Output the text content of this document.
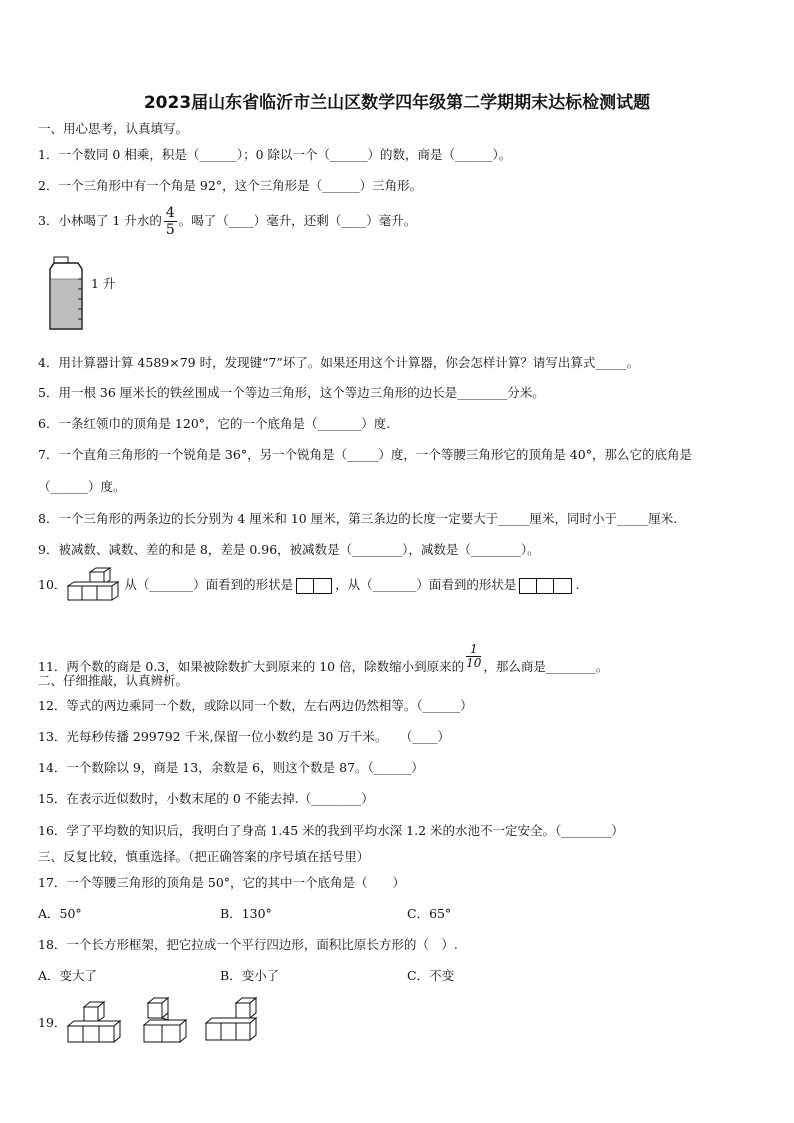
2023届山东省临沂市兰山区数学四年级第二学期期末达标检测试题
一、用心思考，认真填写。
1．一个数同 0 相乘，积是（______）；0 除以一个（______）的数，商是（______）。
2．一个三角形中有一个角是 92°，这个三角形是（______）三角形。
3．小林喝了 1 升水的 $\frac{4}{5}$ 。喝了（____）毫升，还剩（____）毫升。
1 升
4．用计算器计算 4589×79 时，发现键“7”坏了。如果还用这个计算器，你会怎样计算？请写出算式_____。
5．用一根 36 厘米长的铁丝围成一个等边三角形，这个等边三角形的边长是________分米。
6．一条红领巾的顶角是 120°，它的一个底角是（_______）度.
7．一个直角三角形的一个锐角是 36°，另一个锐角是（_____）度，一个等腰三角形它的顶角是 40°，那么它的底角是
（______）度。
8．一个三角形的两条边的长分别为 4 厘米和 10 厘米，第三条边的长度一定要大于_____厘米，同时小于_____厘米.
9．被减数、减数、差的和是 8，差是 0.96，被减数是（________），减数是（________）。
10．	从（_______）面看到的形状是	，从（_______）面看到的形状是	.
11．两个数的商是 0.3，如果被除数扩大到原来的 10 倍，除数缩小到原来的 $\frac{1}{10}$ ，那么商是________。
二、仔细推敲，认真辨析。
12．等式的两边乘同一个数，或除以同一个数，左右两边仍然相等。（______）
13．光每秒传播 299792 千米,保留一位小数约是 30 万千米。　　（____）
14．一个数除以 9，商是 13，余数是 6，则这个数是 87。（______）
15．在表示近似数时，小数末尾的 0 不能去掉.（________）
16．学了平均数的知识后，我明白了身高 1.45 米的我到平均水深 1.2 米的水池不一定安全。（________）
三、反复比较，慎重选择。（把正确答案的序号填在括号里）
17．一个等腰三角形的顶角是 50°，它的其中一个底角是（　　）
A．50°	B．130°	C．65°
18．一个长方形框架，把它拉成一个平行四边形，面积比原长方形的（　）.
A．变大了	B．变小了	C．不变
19．
